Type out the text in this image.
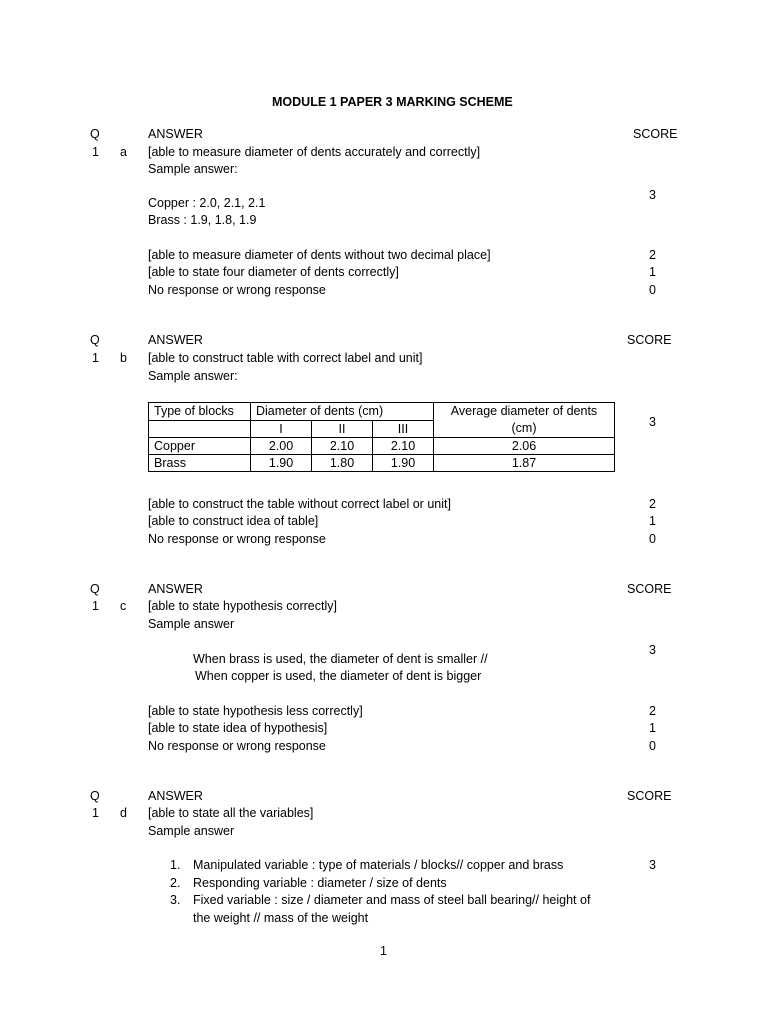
MODULE 1 PAPER 3 MARKING SCHEME
Q	ANSWER	SCORE
1 a [able to measure diameter of dents accurately and correctly]
Sample answer:
3
Copper : 2.0, 2.1, 2.1
Brass : 1.9, 1.8, 1.9
[able to measure diameter of dents without two decimal place]	2
[able to state four diameter of dents correctly]	1
No response or wrong response	0
Q	ANSWER	SCORE
1 b [able to construct table with correct label and unit]
Sample answer:
Type of blocks	Diameter of dents (cm)			Average diameter of dents
(cm)
	I	II	III	
Copper	2.00	2.10	2.10	2.06
Brass	1.90	1.80	1.90	1.87
3
[able to construct the table without correct label or unit]	2
[able to construct idea of table]	1
No response or wrong response	0
Q	ANSWER	SCORE
1 c [able to state hypothesis correctly]
Sample answer
3
When brass is used, the diameter of dent is smaller //
When copper is used, the diameter of dent is bigger
[able to state hypothesis less correctly]	2
[able to state idea of hypothesis]	1
No response or wrong response	0
Q	ANSWER	SCORE
1 d [able to state all the variables]
Sample answer
1. Manipulated variable : type of materials / blocks// copper and brass	3
2. Responding variable : diameter / size of dents
3. Fixed variable : size / diameter and mass of steel ball bearing// height of
the weight // mass of the weight
1
